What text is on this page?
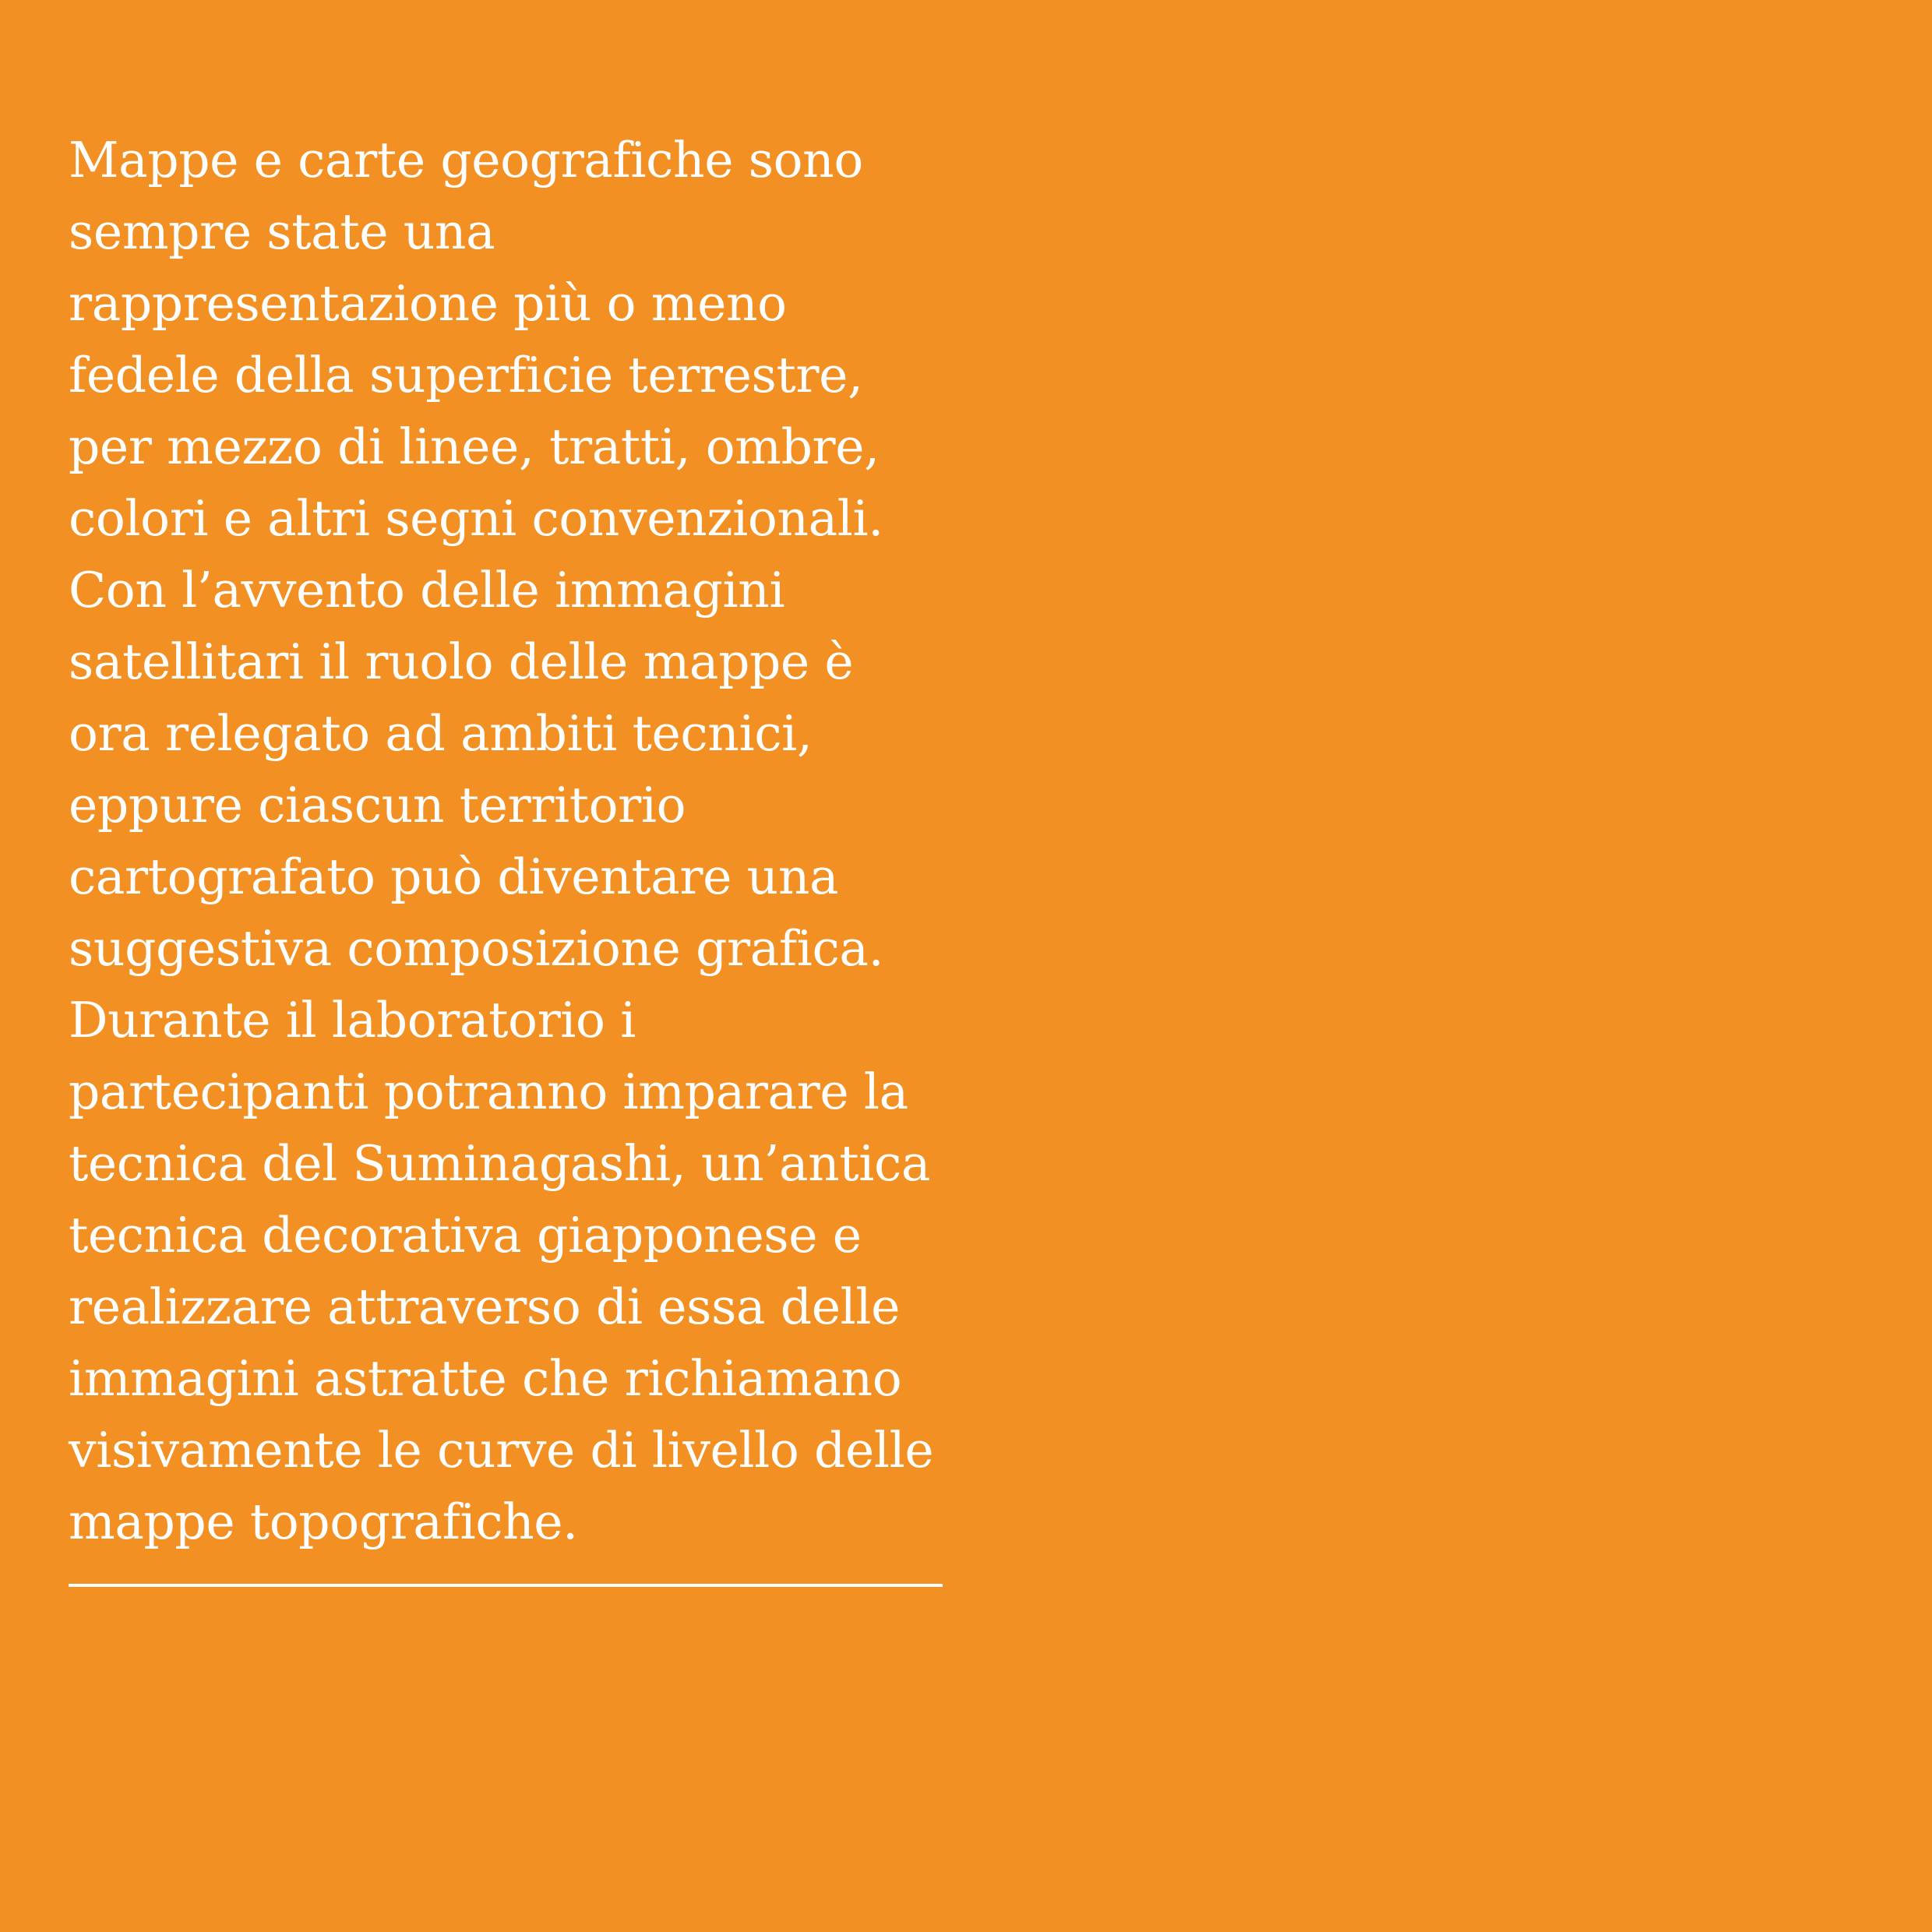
Mappe e carte geografiche sono
sempre state una
rappresentazione più o meno
fedele della superficie terrestre,
per mezzo di linee, tratti, ombre,
colori e altri segni convenzionali.
Con l’avvento delle immagini
satellitari il ruolo delle mappe è
ora relegato ad ambiti tecnici,
eppure ciascun territorio
cartografato può diventare una
suggestiva composizione grafica.
Durante il laboratorio i
partecipanti potranno imparare la
tecnica del Suminagashi, un’antica
tecnica decorativa giapponese e
realizzare attraverso di essa delle
immagini astratte che richiamano
visivamente le curve di livello delle
mappe topografiche.
